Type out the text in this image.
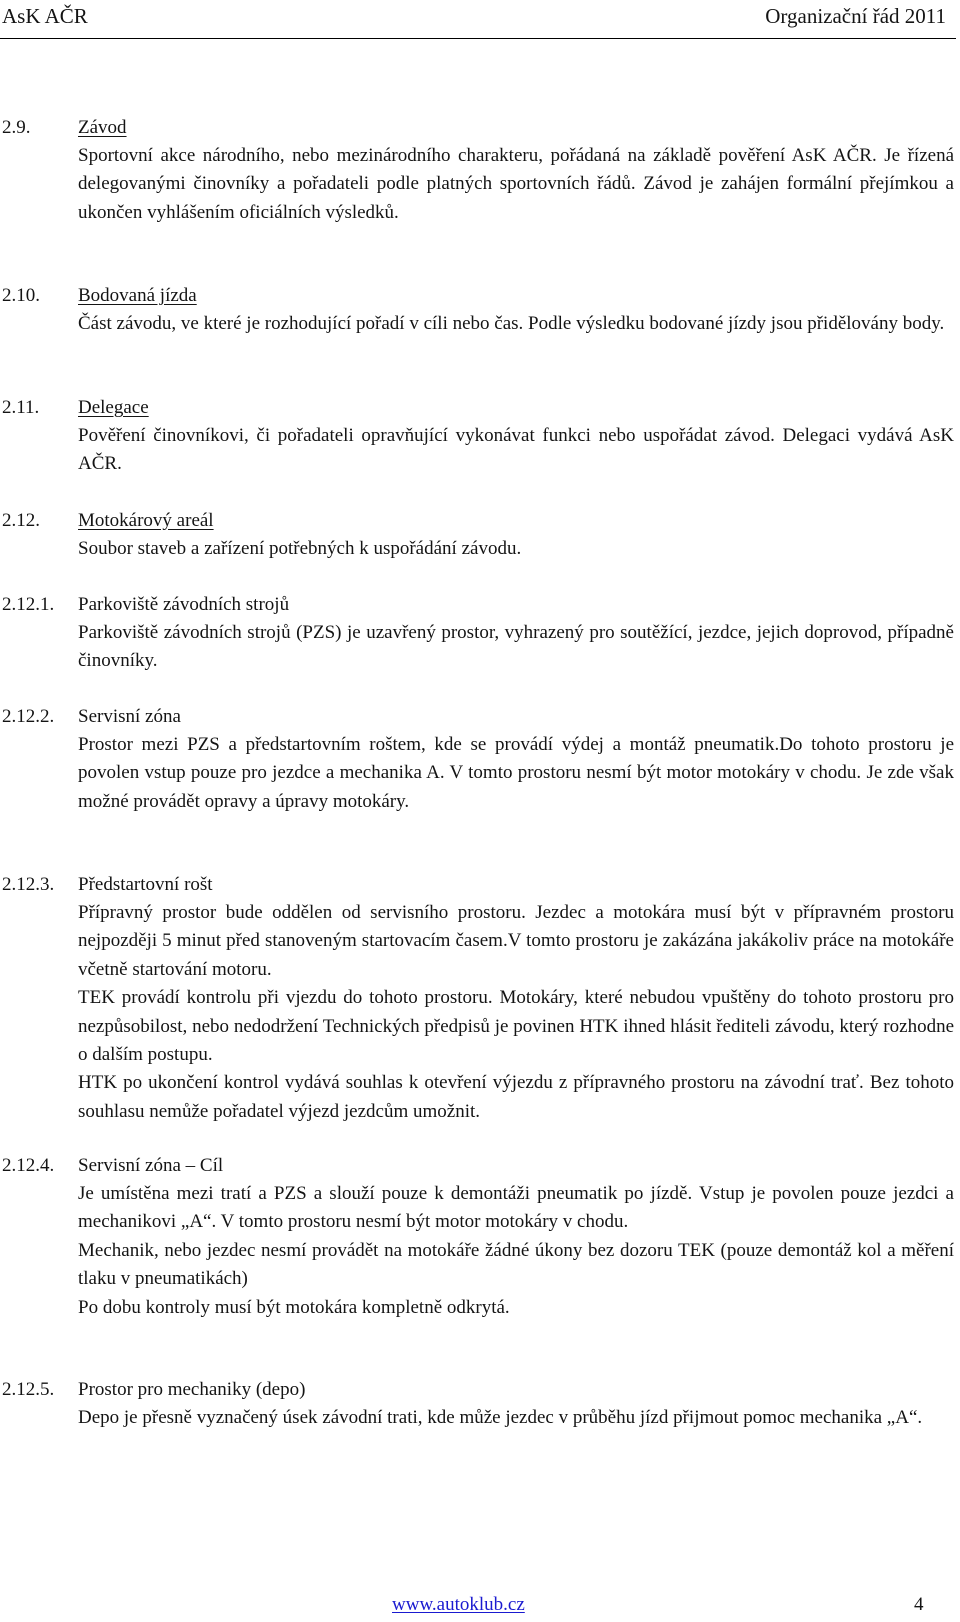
AsK AČR	Organizační řád 2011
2.9.	Závod

Sportovní akce národního, nebo mezinárodního charakteru, pořádaná na základě pověření AsK AČR. Je řízená delegovanými činovníky a pořadateli podle platných sportovních řádů. Závod je zahájen formální přejímkou a ukončen vyhlášením oficiálních výsledků.

2.10. Bodovaná jízda

Část závodu, ve které je rozhodující pořadí v cíli nebo čas. Podle výsledku bodované jízdy jsou přidělovány body.

2.11. Delegace

Pověření činovníkovi, či pořadateli opravňující vykonávat funkci nebo uspořádat závod. Delegaci vydává AsK AČR.

2.12. Motokárový areál

Soubor staveb a zařízení potřebných k uspořádání závodu.

2.12.1. Parkoviště závodních strojů

Parkoviště závodních strojů (PZS) je uzavřený prostor, vyhrazený pro soutěžící, jezdce, jejich doprovod, případně činovníky.

2.12.2. Servisní zóna

Prostor mezi PZS a předstartovním roštem, kde se provádí výdej a montáž pneumatik.Do tohoto prostoru je povolen vstup pouze pro jezdce a mechanika A. V tomto prostoru nesmí být motor motokáry v chodu. Je zde však možné provádět opravy a úpravy motokáry.

2.12.3. Předstartovní rošt

Přípravný prostor bude oddělen od servisního prostoru. Jezdec a motokára musí být v přípravném prostoru nejpozději 5 minut před stanoveným startovacím časem.V tomto prostoru je zakázána jakákoliv práce na motokáře včetně startování motoru.

TEK provádí kontrolu při vjezdu do tohoto prostoru. Motokáry, které nebudou vpuštěny do tohoto prostoru pro nezpůsobilost, nebo nedodržení Technických předpisů je povinen HTK ihned hlásit řediteli závodu, který rozhodne o dalším postupu.

HTK po ukončení kontrol vydává souhlas k otevření výjezdu z přípravného prostoru na závodní trať. Bez tohoto souhlasu nemůže pořadatel výjezd jezdcům umožnit.

2.12.4. Servisní zóna – Cíl

Je umístěna mezi tratí a PZS a slouží pouze k demontáži pneumatik po jízdě. Vstup je povolen pouze jezdci a mechanikovi „A“. V tomto prostoru nesmí být motor motokáry v chodu.

Mechanik, nebo jezdec nesmí provádět na motokáře žádné úkony bez dozoru TEK (pouze demontáž kol a měření tlaku v pneumatikách)

Po dobu kontroly musí být motokára kompletně odkrytá.

2.12.5. Prostor pro mechaniky (depo)

Depo je přesně vyznačený úsek závodní trati, kde může jezdec v průběhu jízd přijmout pomoc mechanika „A“.

www.autoklub.cz	4
